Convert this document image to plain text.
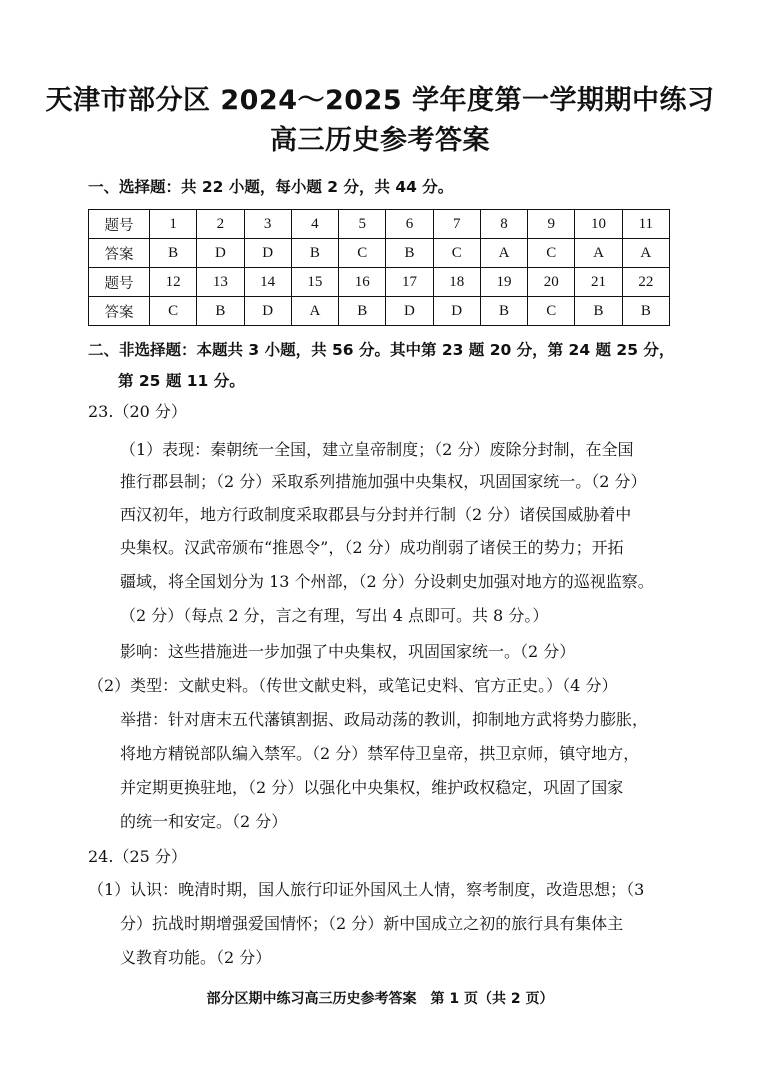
天津市部分区 2024～2025 学年度第一学期期中练习
高三历史参考答案
一、选择题：共 22 小题，每小题 2 分，共 44 分。
题号	1	2	3	4	5	6	7	8	9	10	11
答案	B	D	D	B	C	B	C	A	C	A	A
题号	12	13	14	15	16	17	18	19	20	21	22
答案	C	B	D	A	B	D	D	B	C	B	B
二、非选择题：本题共 3 小题，共 56 分。其中第 23 题 20 分，第 24 题 25 分，
第 25 题 11 分。
23.（20 分）
（1）表现：秦朝统一全国，建立皇帝制度；（2 分）废除分封制，在全国
推行郡县制；（2 分）采取系列措施加强中央集权，巩固国家统一。（2 分）
西汉初年，地方行政制度采取郡县与分封并行制（2 分）诸侯国威胁着中
央集权。汉武帝颁布“推恩令”，（2 分）成功削弱了诸侯王的势力；开拓
疆域，将全国划分为 13 个州部，（2 分）分设刺史加强对地方的巡视监察。
（2 分）（每点 2 分，言之有理，写出 4 点即可。共 8 分。）
影响：这些措施进一步加强了中央集权，巩固国家统一。（2 分）
（2）类型：文献史料。（传世文献史料，或笔记史料、官方正史。）（4 分）
举措：针对唐末五代藩镇割据、政局动荡的教训，抑制地方武将势力膨胀，
将地方精锐部队编入禁军。（2 分）禁军侍卫皇帝，拱卫京师，镇守地方，
并定期更换驻地，（2 分）以强化中央集权，维护政权稳定，巩固了国家
的统一和安定。（2 分）
24.（25 分）
（1）认识：晚清时期，国人旅行印证外国风土人情，察考制度，改造思想；（3
分）抗战时期增强爱国情怀；（2 分）新中国成立之初的旅行具有集体主
义教育功能。（2 分）
部分区期中练习高三历史参考答案　第 1 页（共 2 页）
